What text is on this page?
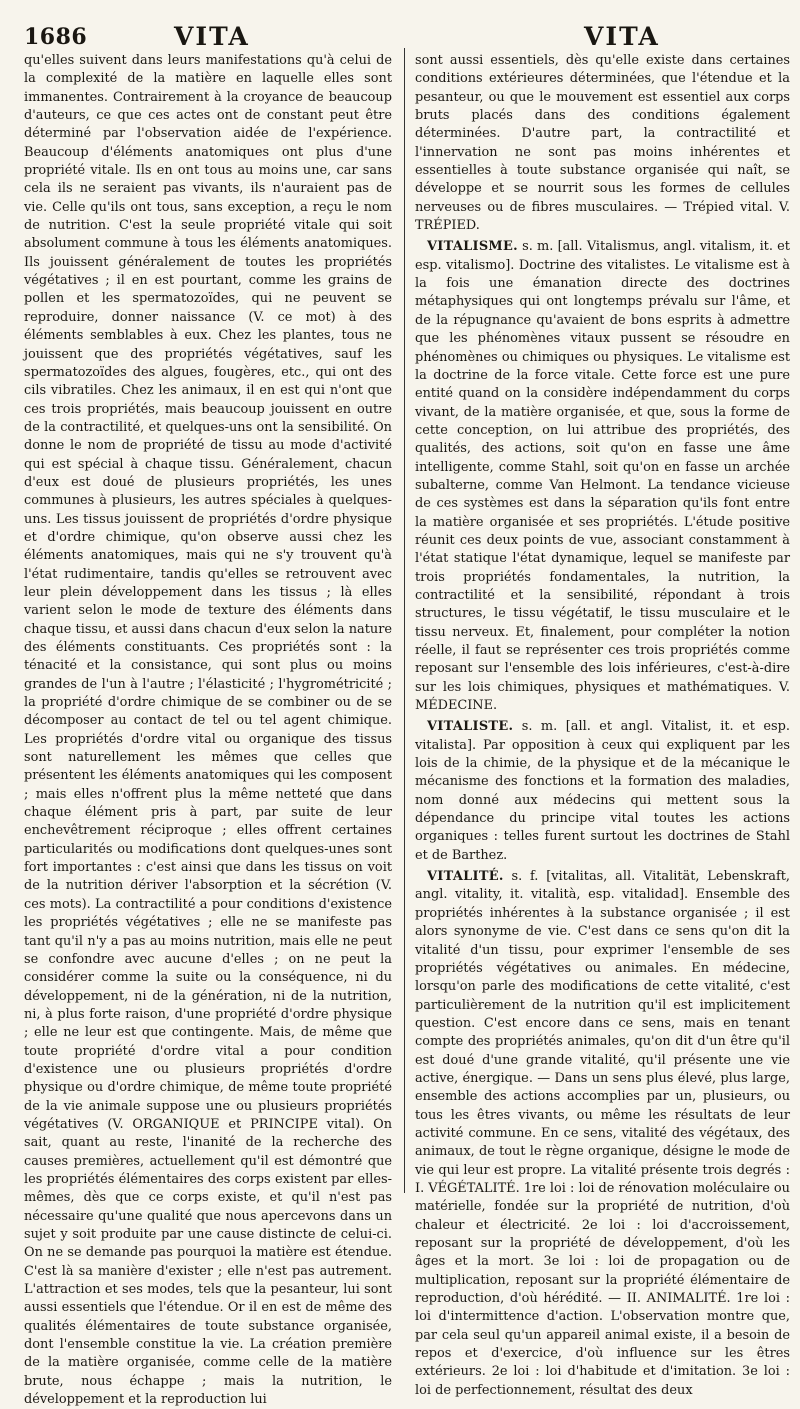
1686	VITA	VITA

qu'elles suivent dans leurs manifestations qu'à celui de la complexité de la matière en laquelle elles sont immanentes. Contrairement à la croyance de beaucoup d'auteurs, ce que ces actes ont de constant peut être déterminé par l'observation aidée de l'expérience. Beaucoup d'éléments anatomiques ont plus d'une propriété vitale. Ils en ont tous au moins une, car sans cela ils ne seraient pas vivants, ils n'auraient pas de vie. Celle qu'ils ont tous, sans exception, a reçu le nom de nutrition. C'est la seule propriété vitale qui soit absolument commune à tous les éléments anatomiques. Ils jouissent généralement de toutes les propriétés végétatives ; il en est pourtant, comme les grains de pollen et les spermatozoïdes, qui ne peuvent se reproduire, donner naissance (V. ce mot) à des éléments semblables à eux. Chez les plantes, tous ne jouissent que des propriétés végétatives, sauf les spermatozoïdes des algues, fougères, etc., qui ont des cils vibratiles. Chez les animaux, il en est qui n'ont que ces trois propriétés, mais beaucoup jouissent en outre de la contractilité, et quelques-uns ont la sensibilité. On donne le nom de propriété de tissu au mode d'activité qui est spécial à chaque tissu. Généralement, chacun d'eux est doué de plusieurs propriétés, les unes communes à plusieurs, les autres spéciales à quelques-uns. Les tissus jouissent de propriétés d'ordre physique et d'ordre chimique, qu'on observe aussi chez les éléments anatomiques, mais qui ne s'y trouvent qu'à l'état rudimentaire, tandis qu'elles se retrouvent avec leur plein développement dans les tissus ; là elles varient selon le mode de texture des éléments dans chaque tissu, et aussi dans chacun d'eux selon la nature des éléments constituants. Ces propriétés sont : la ténacité et la consistance, qui sont plus ou moins grandes de l'un à l'autre ; l'élasticité ; l'hygrométricité ; la propriété d'ordre chimique de se combiner ou de se décomposer au contact de tel ou tel agent chimique. Les propriétés d'ordre vital ou organique des tissus sont naturellement les mêmes que celles que présentent les éléments anatomiques qui les composent ; mais elles n'offrent plus la même netteté que dans chaque élément pris à part, par suite de leur enchevêtrement réciproque ; elles offrent certaines particularités ou modifications dont quelques-unes sont fort importantes : c'est ainsi que dans les tissus on voit de la nutrition dériver l'absorption et la sécrétion (V. ces mots). La contractilité a pour conditions d'existence les propriétés végétatives ; elle ne se manifeste pas tant qu'il n'y a pas au moins nutrition, mais elle ne peut se confondre avec aucune d'elles ; on ne peut la considérer comme la suite ou la conséquence, ni du développement, ni de la génération, ni de la nutrition, ni, à plus forte raison, d'une propriété d'ordre physique ; elle ne leur est que contingente. Mais, de même que toute propriété d'ordre vital a pour condition d'existence une ou plusieurs propriétés d'ordre physique ou d'ordre chimique, de même toute propriété de la vie animale suppose une ou plusieurs propriétés végétatives (V. ORGANIQUE et PRINCIPE vital). On sait, quant au reste, l'inanité de la recherche des causes premières, actuellement qu'il est démontré que les propriétés élémentaires des corps existent par elles-mêmes, dès que ce corps existe, et qu'il n'est pas nécessaire qu'une qualité que nous apercevons dans un sujet y soit produite par une cause distincte de celui-ci. On ne se demande pas pourquoi la matière est étendue. C'est là sa manière d'exister ; elle n'est pas autrement. L'attraction et ses modes, tels que la pesanteur, lui sont aussi essentiels que l'étendue. Or il en est de même des qualités élémentaires de toute substance organisée, dont l'ensemble constitue la vie. La création première de la matière organisée, comme celle de la matière brute, nous échappe ; mais la nutrition, le développement et la reproduction lui

sont aussi essentiels, dès qu'elle existe dans certaines conditions extérieures déterminées, que l'étendue et la pesanteur, ou que le mouvement est essentiel aux corps bruts placés dans des conditions également déterminées. D'autre part, la contractilité et l'innervation ne sont pas moins inhérentes et essentielles à toute substance organisée qui naît, se développe et se nourrit sous les formes de cellules nerveuses ou de fibres musculaires. — Trépied vital. V. TRÉPIED.

VITALISME. s. m. [all. Vitalismus, angl. vitalism, it. et esp. vitalismo]. Doctrine des vitalistes. Le vitalisme est à la fois une émanation directe des doctrines métaphysiques qui ont longtemps prévalu sur l'âme, et de la répugnance qu'avaient de bons esprits à admettre que les phénomènes vitaux pussent se résoudre en phénomènes ou chimiques ou physiques. Le vitalisme est la doctrine de la force vitale. Cette force est une pure entité quand on la considère indépendamment du corps vivant, de la matière organisée, et que, sous la forme de cette conception, on lui attribue des propriétés, des qualités, des actions, soit qu'on en fasse une âme intelligente, comme Stahl, soit qu'on en fasse un archée subalterne, comme Van Helmont. La tendance vicieuse de ces systèmes est dans la séparation qu'ils font entre la matière organisée et ses propriétés. L'étude positive réunit ces deux points de vue, associant constamment à l'état statique l'état dynamique, lequel se manifeste par trois propriétés fondamentales, la nutrition, la contractilité et la sensibilité, répondant à trois structures, le tissu végétatif, le tissu musculaire et le tissu nerveux. Et, finalement, pour compléter la notion réelle, il faut se représenter ces trois propriétés comme reposant sur l'ensemble des lois inférieures, c'est-à-dire sur les lois chimiques, physiques et mathématiques. V. MÉDECINE.

VITALISTE. s. m. [all. et angl. Vitalist, it. et esp. vitalista]. Par opposition à ceux qui expliquent par les lois de la chimie, de la physique et de la mécanique le mécanisme des fonctions et la formation des maladies, nom donné aux médecins qui mettent sous la dépendance du principe vital toutes les actions organiques : telles furent surtout les doctrines de Stahl et de Barthez.

VITALITÉ. s. f. [vitalitas, all. Vitalität, Lebenskraft, angl. vitality, it. vitalità, esp. vitalidad]. Ensemble des propriétés inhérentes à la substance organisée ; il est alors synonyme de vie. C'est dans ce sens qu'on dit la vitalité d'un tissu, pour exprimer l'ensemble de ses propriétés végétatives ou animales. En médecine, lorsqu'on parle des modifications de cette vitalité, c'est particulièrement de la nutrition qu'il est implicitement question. C'est encore dans ce sens, mais en tenant compte des propriétés animales, qu'on dit d'un être qu'il est doué d'une grande vitalité, qu'il présente une vie active, énergique. — Dans un sens plus élevé, plus large, ensemble des actions accomplies par un, plusieurs, ou tous les êtres vivants, ou même les résultats de leur activité commune. En ce sens, vitalité des végétaux, des animaux, de tout le règne organique, désigne le mode de vie qui leur est propre. La vitalité présente trois degrés : I. VÉGÉTALITÉ. 1re loi : loi de rénovation moléculaire ou matérielle, fondée sur la propriété de nutrition, d'où chaleur et électricité. 2e loi : loi d'accroissement, reposant sur la propriété de développement, d'où les âges et la mort. 3e loi : loi de propagation ou de multiplication, reposant sur la propriété élémentaire de reproduction, d'où hérédité. — II. ANIMALITÉ. 1re loi : loi d'intermittence d'action. L'observation montre que, par cela seul qu'un appareil animal existe, il a besoin de repos et d'exercice, d'où influence sur les êtres extérieurs. 2e loi : loi d'habitude et d'imitation. 3e loi : loi de perfectionnement, résultat des deux
